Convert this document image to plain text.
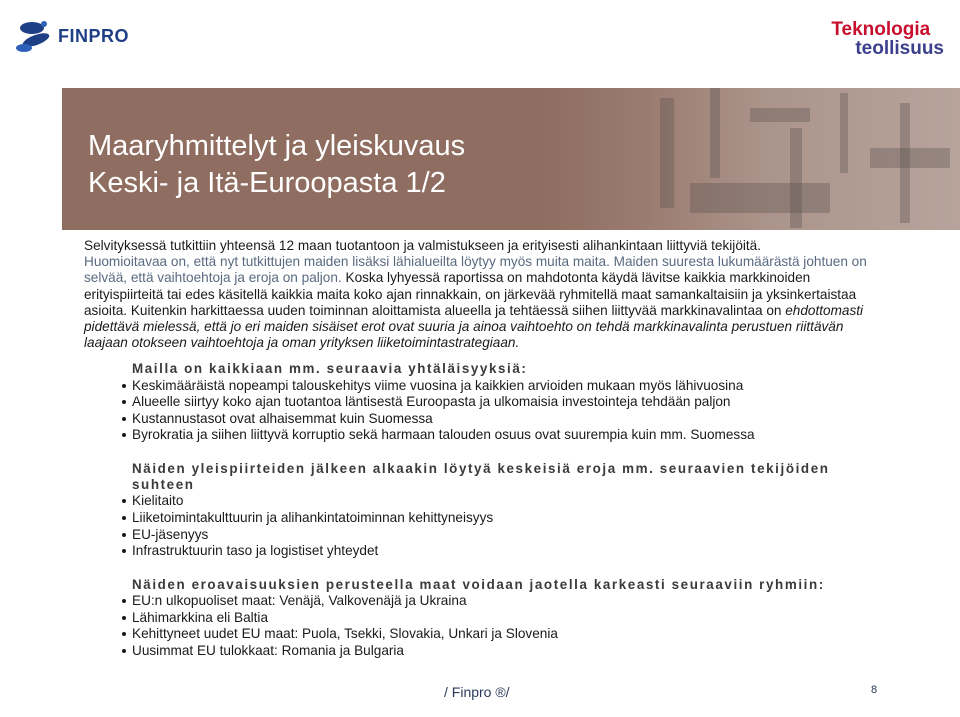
FINPRO	Teknologia
teollisuus
Maaryhmittelyt ja yleiskuvaus
Keski- ja Itä-Euroopasta 1/2

Selvityksessä tutkittiin yhteensä 12 maan tuotantoon ja valmistukseen ja erityisesti alihankintaan liittyviä tekijöitä.

Huomioitavaa on, että nyt tutkittujen maiden lisäksi lähialueilta löytyy myös muita maita. Maiden suuresta lukumäärästä johtuen on selvää, että vaihtoehtoja ja eroja on paljon. Koska lyhyessä raportissa on mahdotonta käydä lävitse kaikkia markkinoiden erityispiirteitä tai edes käsitellä kaikkia maita koko ajan rinnakkain, on järkevää ryhmitellä maat samankaltaisiin ja yksinkertaistaa asioita. Kuitenkin harkittaessa uuden toiminnan aloittamista alueella ja tehtäessä siihen liittyvää markkinavalintaa on ehdottomasti pidettävä mielessä, että jo eri maiden sisäiset erot ovat suuria ja ainoa vaihtoehto on tehdä markkinavalinta perustuen riittävän laajaan otokseen vaihtoehtoja ja oman yrityksen liiketoimintastrategiaan.

Mailla on kaikkiaan mm. seuraavia yhtäläisyyksiä:

Keskimääräistä nopeampi talouskehitys viime vuosina ja kaikkien arvioiden mukaan myös lähivuosina
Alueelle siirtyy koko ajan tuotantoa läntisestä Euroopasta ja ulkomaisia investointeja tehdään paljon
Kustannustasot ovat alhaisemmat kuin Suomessa
Byrokratia ja siihen liittyvä korruptio sekä harmaan talouden osuus ovat suurempia kuin mm. Suomessa

Näiden yleispiirteiden jälkeen alkaakin löytyä keskeisiä eroja mm. seuraavien tekijöiden suhteen

Kielitaito
Liiketoimintakulttuurin ja alihankintatoiminnan kehittyneisyys
EU-jäsenyys
Infrastruktuurin taso ja logistiset yhteydet

Näiden eroavaisuuksien perusteella maat voidaan jaotella karkeasti seuraaviin ryhmiin:

EU:n ulkopuoliset maat: Venäjä, Valkovenäjä ja Ukraina
Lähimarkkina eli Baltia
Kehittyneet uudet EU maat: Puola, Tsekki, Slovakia, Unkari ja Slovenia
Uusimmat EU tulokkaat: Romania ja Bulgaria
/ Finpro ®/	8
